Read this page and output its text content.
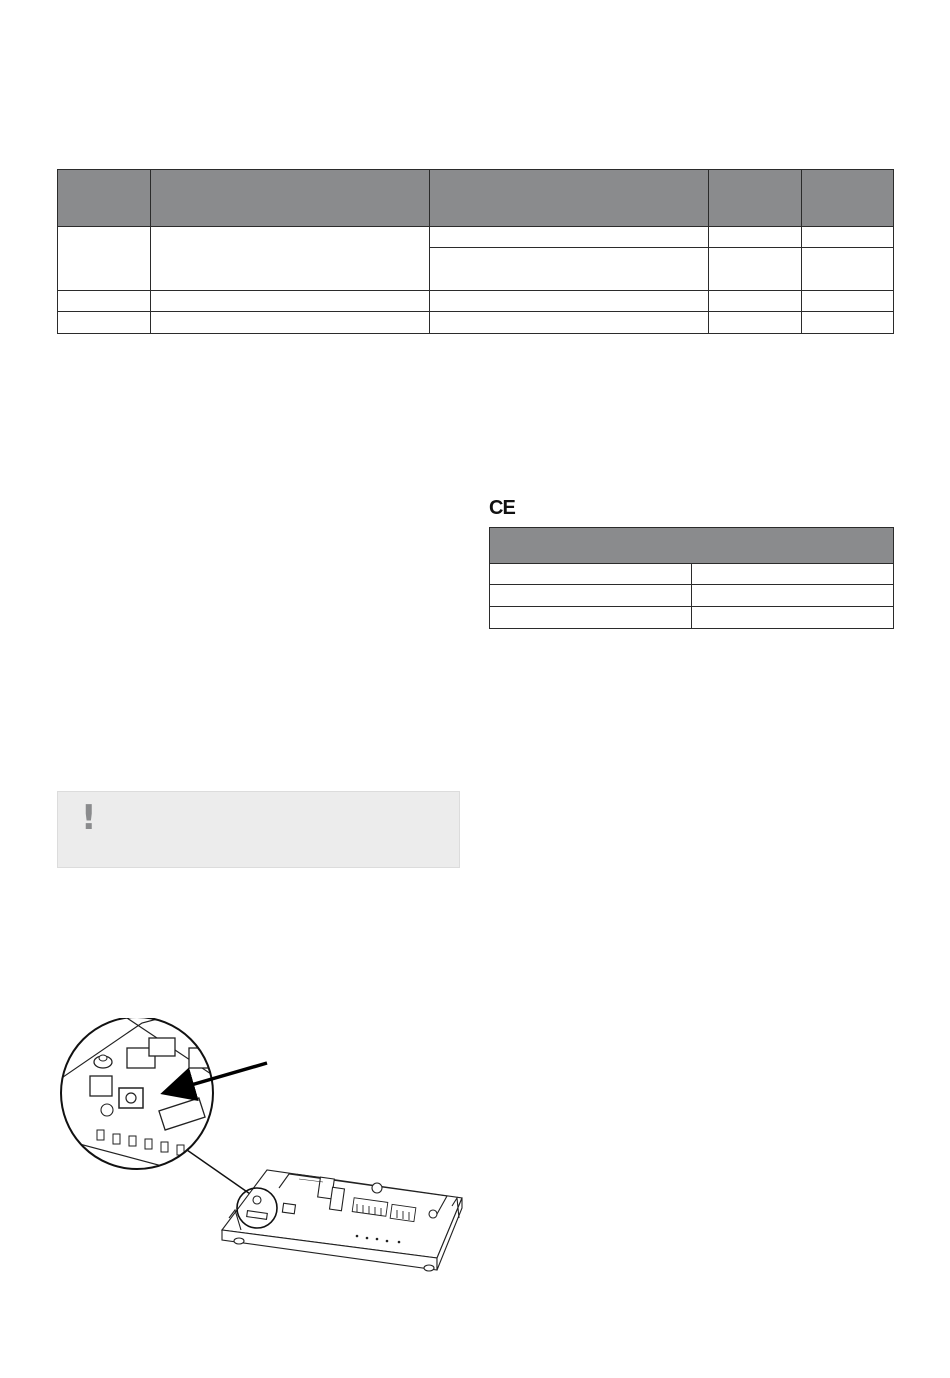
CE

!
